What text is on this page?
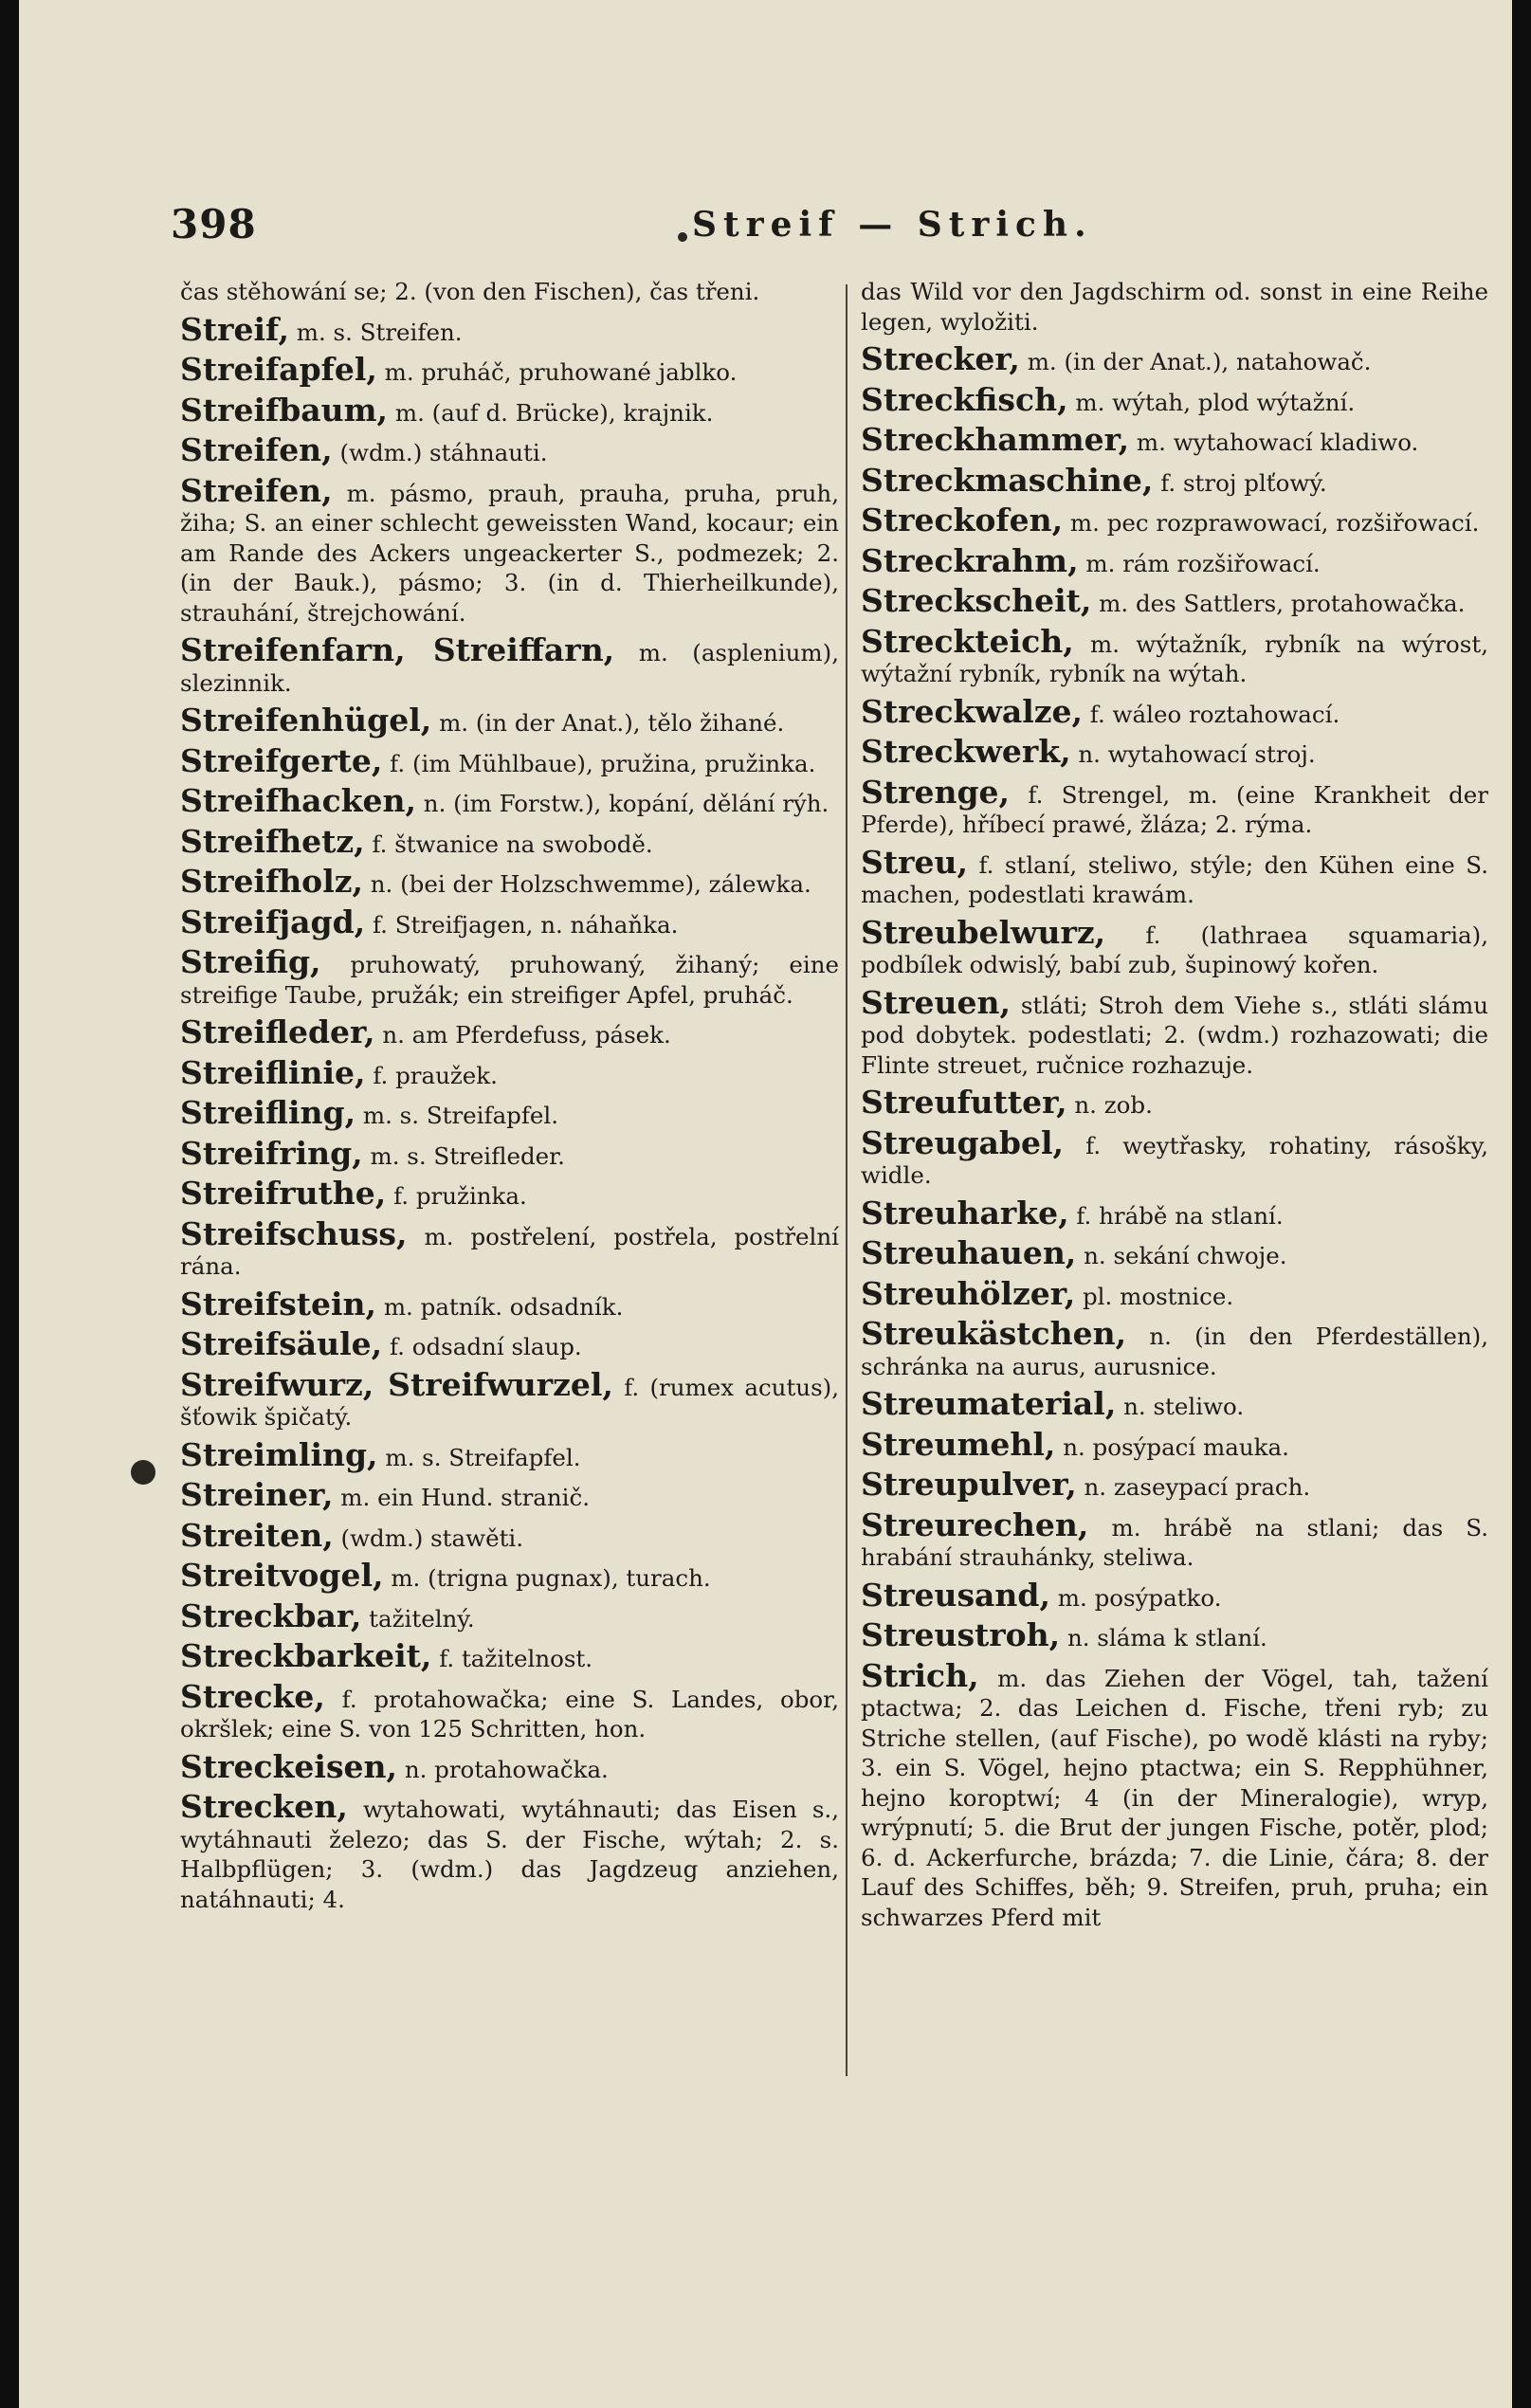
398	Streif — Strich.
čas stěhowání se; 2. (von den Fischen), čas třeni.
Streif, m. s. Streifen.
Streifapfel, m. pruháč, pruhowané jablko.
Streifbaum, m. (auf d. Brücke), krajnik.
Streifen, (wdm.) stáhnauti.
Streifen, m. pásmo, prauh, prauha, pruha, pruh, žiha; S. an einer schlecht geweissten Wand, kocaur; ein am Rande des Ackers ungeackerter S., podmezek; 2. (in der Bauk.), pásmo; 3. (in d. Thierheilkunde), strauhání, štrejchowání.
Streifenfarn, Streiffarn, m. (asplenium), slezinnik.
Streifenhügel, m. (in der Anat.), tělo žihané.
Streifgerte, f. (im Mühlbaue), pružina, pružinka.
Streifhacken, n. (im Forstw.), kopání, dělání rýh.
Streifhetz, f. štwanice na swobodě.
Streifholz, n. (bei der Holzschwemme), zálewka.
Streifjagd, f. Streifjagen, n. náhaňka.
Streifig, pruhowatý, pruhowaný, žihaný; eine streifige Taube, pružák; ein streifiger Apfel, pruháč.
Streifleder, n. am Pferdefuss, pásek.
Streiflinie, f. praužek.
Streifling, m. s. Streifapfel.
Streifring, m. s. Streifleder.
Streifruthe, f. pružinka.
Streifschuss, m. postřelení, postřela, postřelní rána.
Streifstein, m. patník. odsadník.
Streifsäule, f. odsadní slaup.
Streifwurz, Streifwurzel, f. (rumex acutus), šťowik špičatý.
Streimling, m. s. Streifapfel.
Streiner, m. ein Hund. stranič.
Streiten, (wdm.) stawěti.
Streitvogel, m. (trigna pugnax), turach.
Streckbar, tažitelný.
Streckbarkeit, f. tažitelnost.
Strecke, f. protahowačka; eine S. Landes, obor, okršlek; eine S. von 125 Schritten, hon.
Streckeisen, n. protahowačka.
Strecken, wytahowati, wytáhnauti; das Eisen s., wytáhnauti železo; das S. der Fische, wýtah; 2. s. Halbpflügen; 3. (wdm.) das Jagdzeug anziehen, natáhnauti; 4.
das Wild vor den Jagdschirm od. sonst in eine Reihe legen, wyložiti.
Strecker, m. (in der Anat.), natahowač.
Streckfisch, m. wýtah, plod wýtažní.
Streckhammer, m. wytahowací kladiwo.
Streckmaschine, f. stroj plťowý.
Streckofen, m. pec rozprawowací, rozšiřowací.
Streckrahm, m. rám rozšiřowací.
Streckscheit, m. des Sattlers, protahowačka.
Streckteich, m. wýtažník, rybník na wýrost, wýtažní rybník, rybník na wýtah.
Streckwalze, f. wáleo roztahowací.
Streckwerk, n. wytahowací stroj.
Strenge, f. Strengel, m. (eine Krankheit der Pferde), hříbecí prawé, žláza; 2. rýma.
Streu, f. stlaní, steliwo, stýle; den Kühen eine S. machen, podestlati krawám.
Streubelwurz, f. (lathraea squamaria), podbílek odwislý, babí zub, šupinowý kořen.
Streuen, stláti; Stroh dem Viehe s., stláti slámu pod dobytek. podestlati; 2. (wdm.) rozhazowati; die Flinte streuet, ručnice rozhazuje.
Streufutter, n. zob.
Streugabel, f. weytřasky, rohatiny, rásošky, widle.
Streuharke, f. hrábě na stlaní.
Streuhauen, n. sekání chwoje.
Streuhölzer, pl. mostnice.
Streukästchen, n. (in den Pferdeställen), schránka na aurus, aurusnice.
Streumaterial, n. steliwo.
Streumehl, n. posýpací mauka.
Streupulver, n. zaseypací prach.
Streurechen, m. hrábě na stlani; das S. hrabání strauhánky, steliwa.
Streusand, m. posýpatko.
Streustroh, n. sláma k stlaní.
Strich, m. das Ziehen der Vögel, tah, tažení ptactwa; 2. das Leichen d. Fische, třeni ryb; zu Striche stellen, (auf Fische), po wodě klásti na ryby; 3. ein S. Vögel, hejno ptactwa; ein S. Repphühner, hejno koroptwí; 4 (in der Mineralogie), wryp, wrýpnutí; 5. die Brut der jungen Fische, potěr, plod; 6. d. Ackerfurche, brázda; 7. die Linie, čára; 8. der Lauf des Schiffes, běh; 9. Streifen, pruh, pruha; ein schwarzes Pferd mit
